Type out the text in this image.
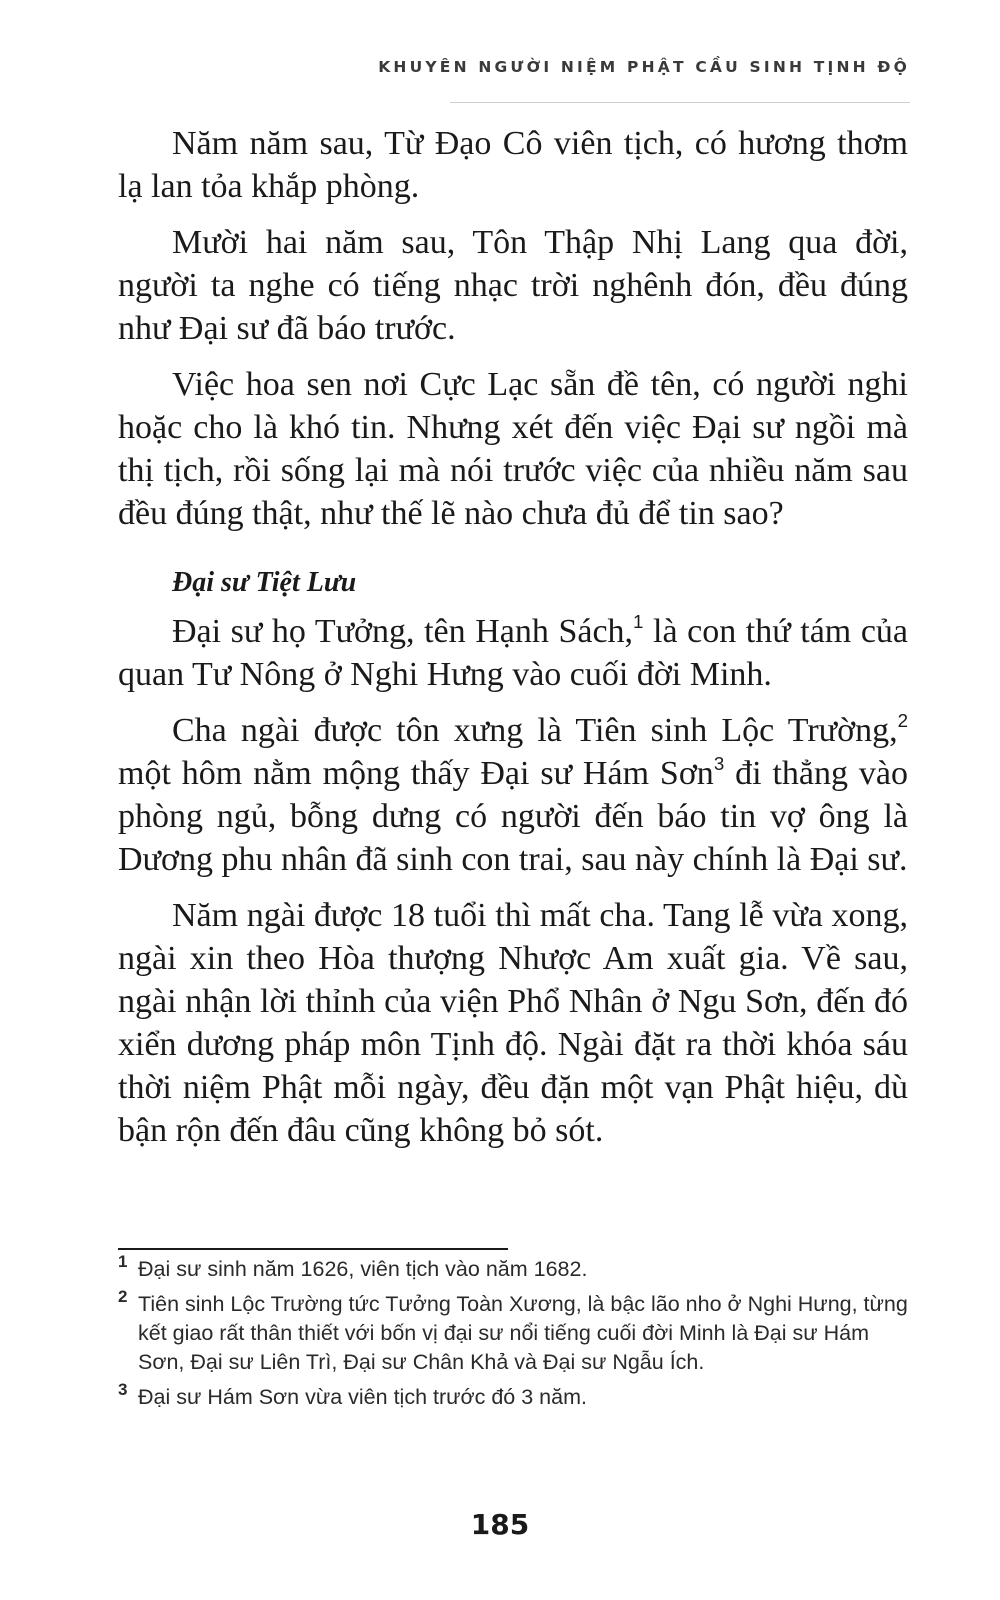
KHUYÊN NGƯỜI NIỆM PHẬT CẦU SINH TỊNH ĐỘ

Năm năm sau, Từ Đạo Cô viên tịch, có hương thơm lạ lan tỏa khắp phòng.

Mười hai năm sau, Tôn Thập Nhị Lang qua đời, người ta nghe có tiếng nhạc trời nghênh đón, đều đúng như Đại sư đã báo trước.

Việc hoa sen nơi Cực Lạc sẵn đề tên, có người nghi hoặc cho là khó tin. Nhưng xét đến việc Đại sư ngồi mà thị tịch, rồi sống lại mà nói trước việc của nhiều năm sau đều đúng thật, như thế lẽ nào chưa đủ để tin sao?

Đại sư Tiệt Lưu

Đại sư họ Tưởng, tên Hạnh Sách,$^1$ là con thứ tám của quan Tư Nông ở Nghi Hưng vào cuối đời Minh.

Cha ngài được tôn xưng là Tiên sinh Lộc Trường,$^2$ một hôm nằm mộng thấy Đại sư Hám Sơn$^3$ đi thẳng vào phòng ngủ, bỗng dưng có người đến báo tin vợ ông là Dương phu nhân đã sinh con trai, sau này chính là Đại sư.

Năm ngài được 18 tuổi thì mất cha. Tang lễ vừa xong, ngài xin theo Hòa thượng Nhược Am xuất gia. Về sau, ngài nhận lời thỉnh của viện Phổ Nhân ở Ngu Sơn, đến đó xiển dương pháp môn Tịnh độ. Ngài đặt ra thời khóa sáu thời niệm Phật mỗi ngày, đều đặn một vạn Phật hiệu, dù bận rộn đến đâu cũng không bỏ sót.

1 Đại sư sinh năm 1626, viên tịch vào năm 1682.
2 Tiên sinh Lộc Trường tức Tưởng Toàn Xương, là bậc lão nho ở Nghi Hưng, từng kết giao rất thân thiết với bốn vị đại sư nổi tiếng cuối đời Minh là Đại sư Hám Sơn, Đại sư Liên Trì, Đại sư Chân Khả và Đại sư Ngẫu Ích.
3 Đại sư Hám Sơn vừa viên tịch trước đó 3 năm.
185
